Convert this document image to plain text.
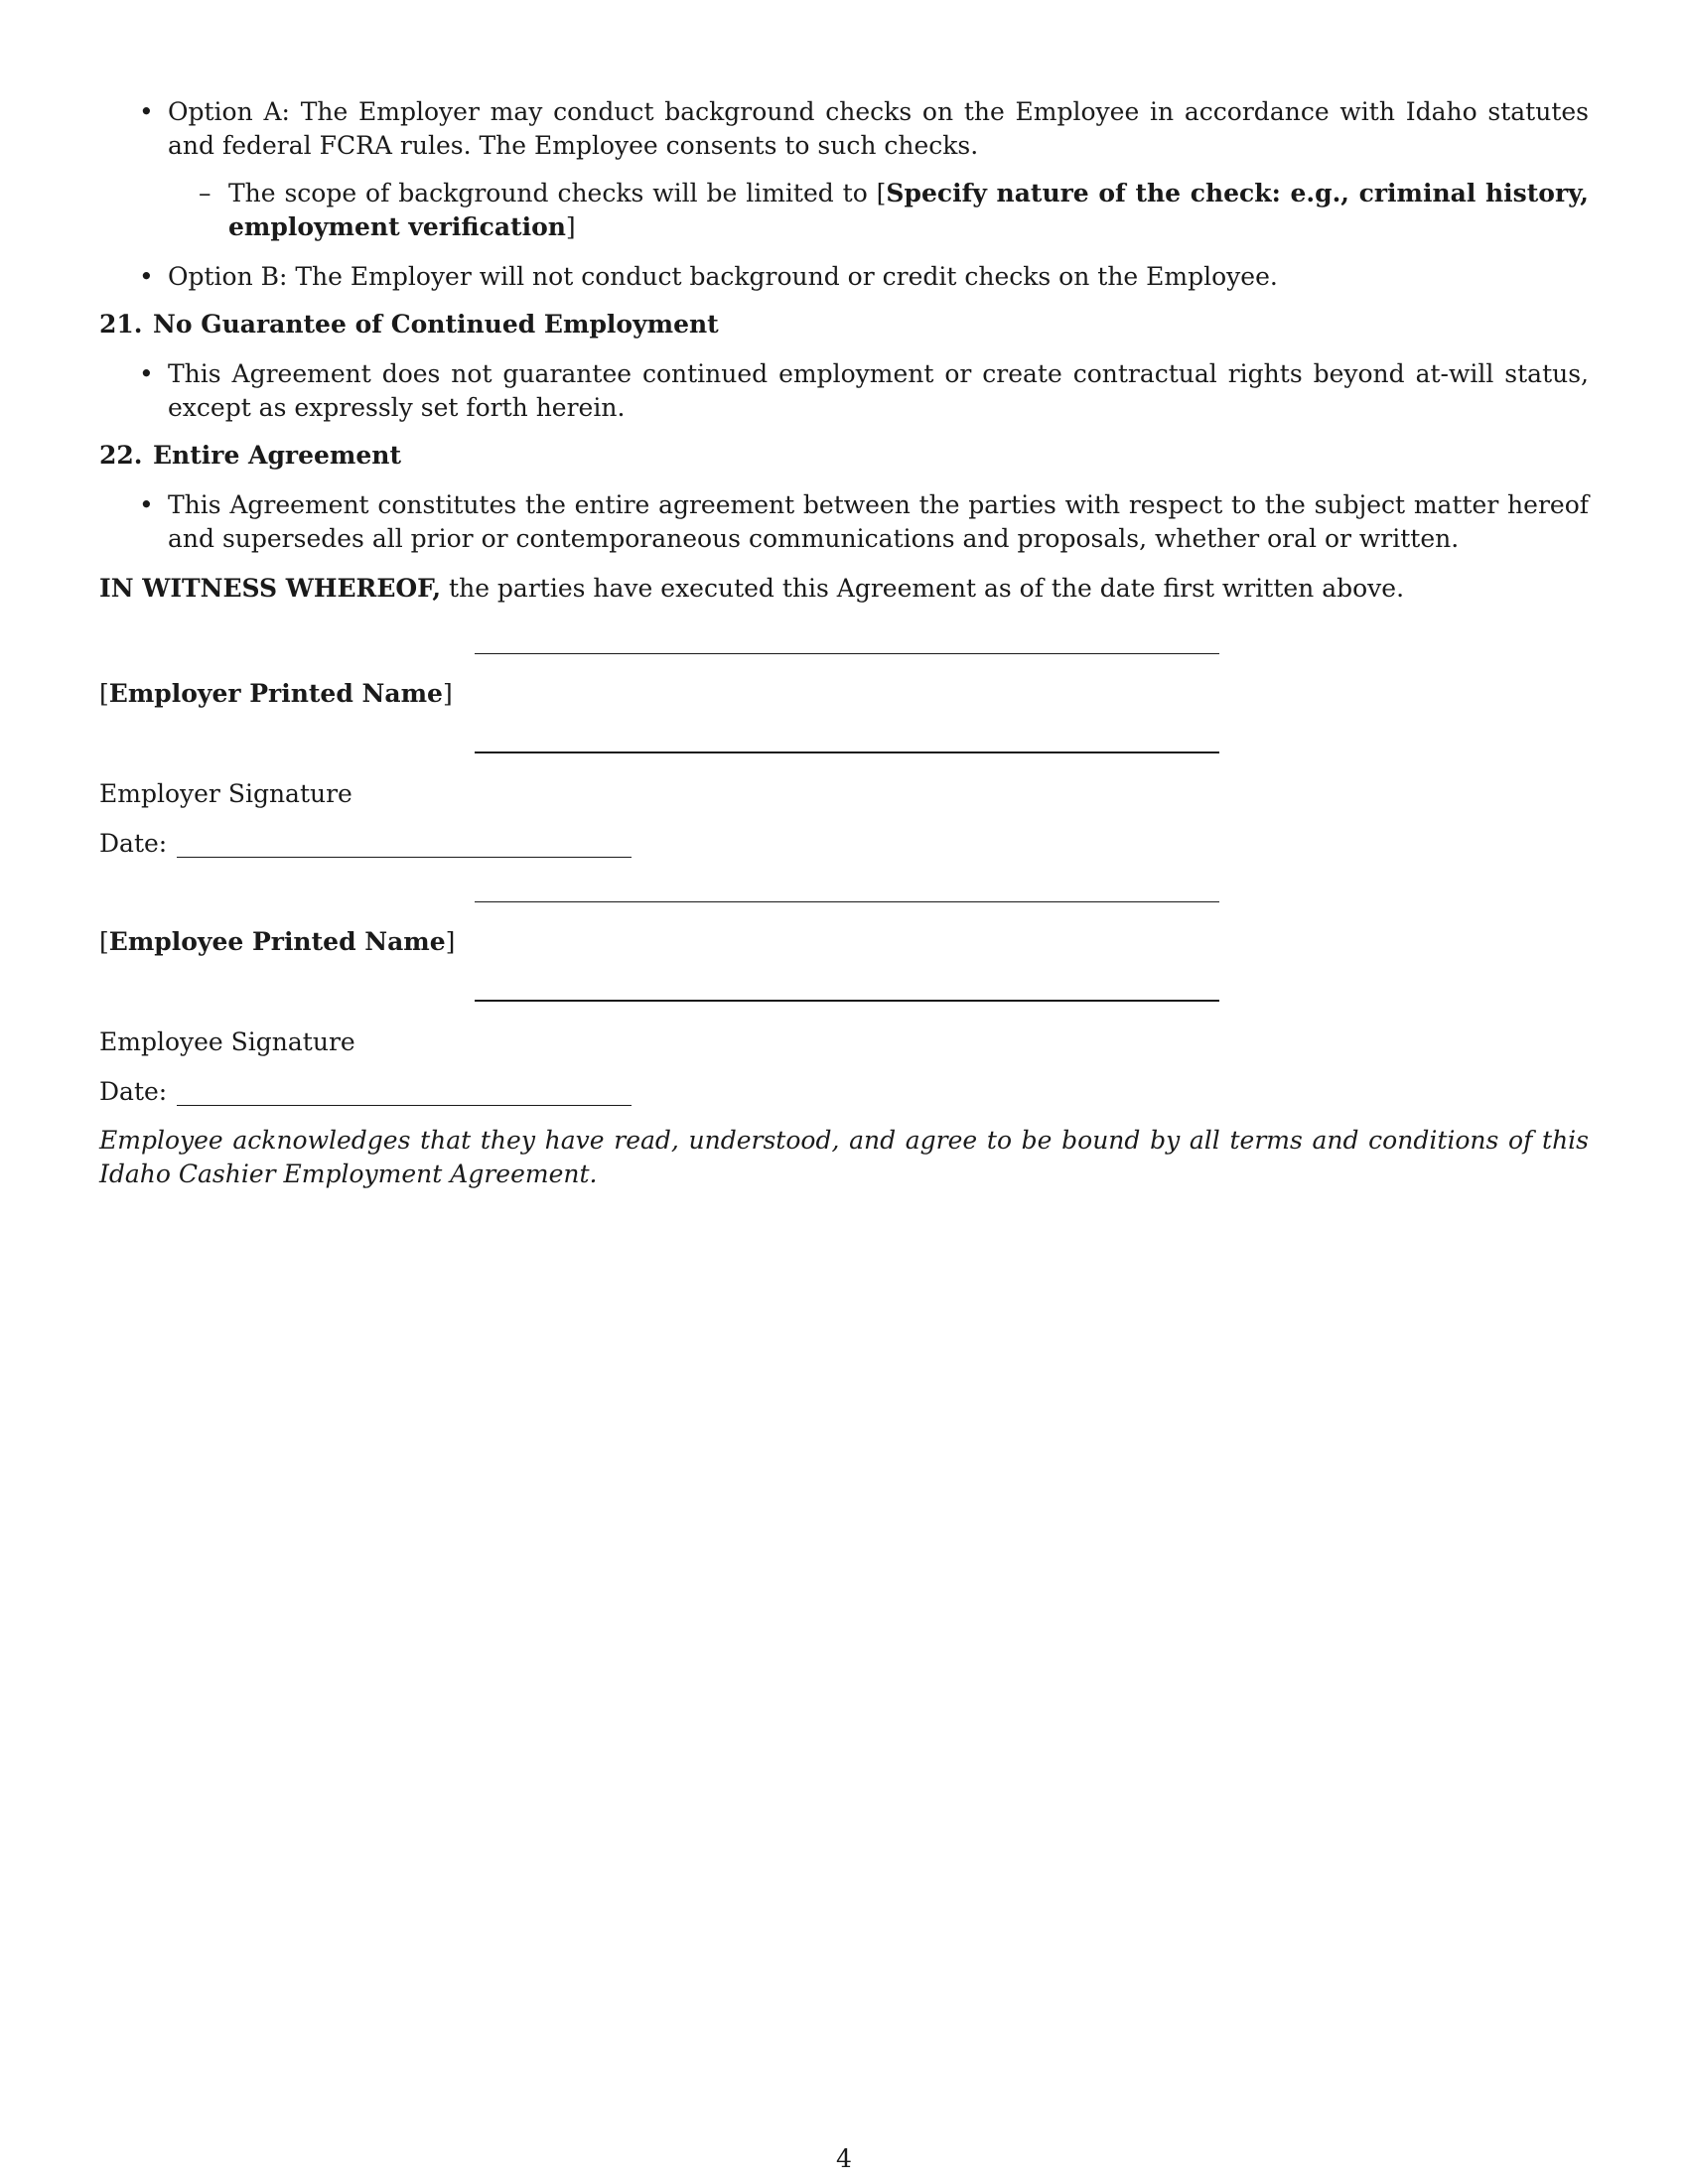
• Option A: The Employer may conduct background checks on the Employee in accordance with Idaho statutes and federal FCRA rules. The Employee consents to such checks.
– The scope of background checks will be limited to [Specify nature of the check: e.g., criminal history, employment verification]
• Option B: The Employer will not conduct background or credit checks on the Employee.
21. No Guarantee of Continued Employment
• This Agreement does not guarantee continued employment or create contractual rights beyond at-will status, except as expressly set forth herein.
22. Entire Agreement
• This Agreement constitutes the entire agreement between the parties with respect to the subject matter hereof and supersedes all prior or contemporaneous communications and proposals, whether oral or written.
IN WITNESS WHEREOF, the parties have executed this Agreement as of the date first written above.
[Employer Printed Name]
Employer Signature
Date:
[Employee Printed Name]
Employee Signature
Date:
Employee acknowledges that they have read, understood, and agree to be bound by all terms and conditions of this Idaho Cashier Employment Agreement.
4
